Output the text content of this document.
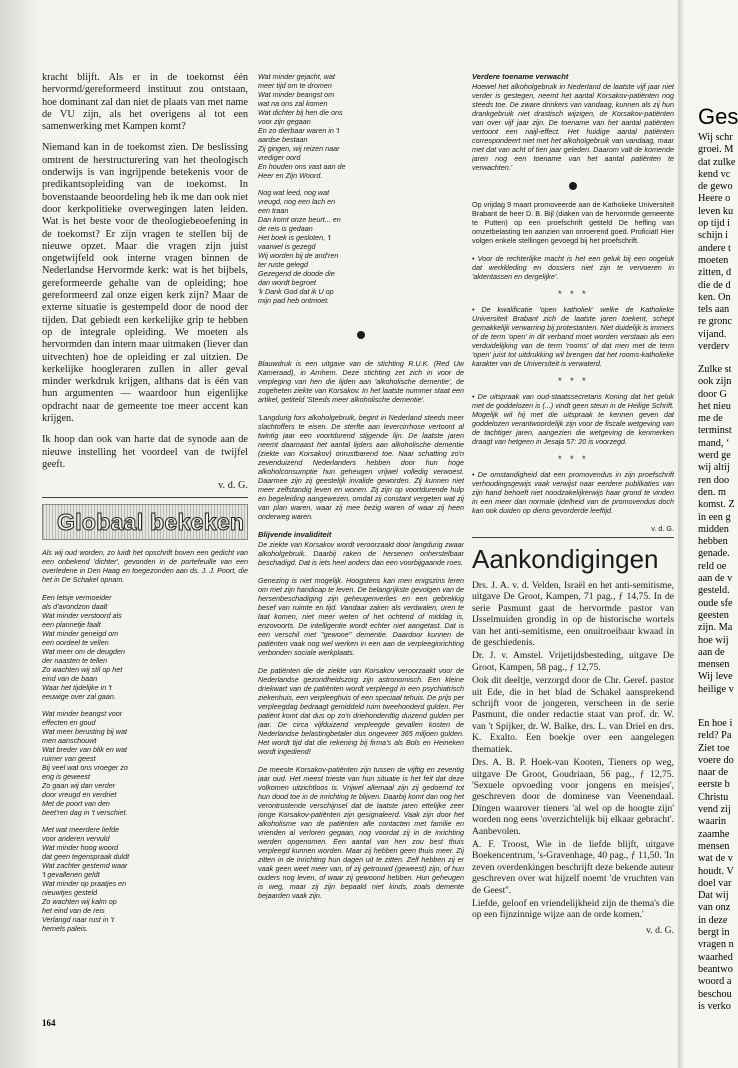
kracht blijft. Als er in de toekomst één hervormd/gereformeerd instituut zou ontstaan, hoe dominant zal dan niet de plaats van met name de VU zijn, als het overigens al tot een samenwerking met Kampen komt?

Niemand kan in de toekomst zien. De beslissing omtrent de herstructurering van het theologisch onderwijs is van ingrijpende betekenis voor de predikantsopleiding van de toekomst. In bovenstaande beoordeling heb ik me dan ook niet door kerkpolitieke overwegingen laten leiden. Wat is het beste voor de theologiebeoefening in de toekomst? Er zijn vragen te stellen bij de nieuwe opzet. Maar die vragen zijn juist ongetwijfeld ook interne vragen binnen de Nederlandse Hervormde kerk: wat is het bijbels, gereformeerde gehalte van de opleiding; hoe gereformeerd zal onze eigen kerk zijn? Maar de externe situatie is gestempeld door de nood der tijden. Dat gebiedt een kerkelijke grip te hebben op de integrale opleiding. We moeten als hervormden dan intern maar uitmaken (liever dan uitvechten) hoe de opleiding er zal uitzien. De kerkelijke hoogleraren zullen in aller geval minder werkdruk krijgen, althans dat is één van hun argumenten — waardoor hun eigenlijke opdracht naar de gemeente toe meer accent kan krijgen.

Ik hoop dan ook van harte dat de synode aan de nieuwe instelling het voordeel van de twijfel geeft.

v. d. G.

Globaal bekeken

Als wij oud worden, zo luidt het opschrift boven een gedicht van een onbekend 'dichter', gevonden in de portefeuille van een overledene in Den Haag en toegezonden aan ds. J. J. Poort, die het in De Schakel opnam.

Een letsje vermoeider
als d'avondzon daalt
Wat minder verstoord als
een plannetje faalt
Wat minder geneigd om
een oordeel te vellen
Wat meer om de deugden
der naasten te tellen
Zo wachten wij stil op het
eind van de baan
Waar het tijdelijke in 't
eeuwige over zal gaan.

Wat minder beangst voor
effecten en goud
Wat meer berusting bij wat
men aanschouwt
Wat breder van blik en wat
ruimer van geest
Bij veel wat ons vroeger zo
eng is geweest
Zo gaan wij dan verder
door vreugd en verdriet
Met de poort van den
beet'ren dag in 't verschiet.

Met wat meerdere liefde
voor anderen vervuld
Wat minder hoog woord
dat geen tegenspraak duldt
Wat zachter gestemd waar
't gevallenen geldt
Wat minder op praatjes en
nieuwtjes gesteld
Zo wachten wij kalm op
het eind van de reis
Verlangd naar rust in 't
hemels paleis.

Wat minder gejacht, wat
meer tijd om te dromen
Wat minder beangst om
wat na ons zal komen
Wat dichter bij hen die ons
voor zijn gegaan
En zo dierbaar waren in 't
aardse bestaan
Zij gingen, wij reizen naar
vrediger oord
En houden ons vast aan de
Heer en Zijn Woord.

Nog wat leed, nog wat
vreugd, nog een lach en
een traan
Dan komt onze beurt... en
de reis is gedaan
Het boek is gesloten, 't
vaarwel is gezegd
Wij worden bij de and'ren
ter ruste gelegd
Gezegend de doode die
dan wordt begroet
'k Dank God dat ik U op
mijn pad heb ontmoet.

Blauwdruk is een uitgave van de stichting R.U.K. (Red Uw Kameraad), in Arnhem. Deze stichting zet zich in voor de verpleging van hen die lijden aan 'alkoholische dementie', de zogeheten ziekte van Korsakov. In het laatste nummer staat een artikel, getiteld 'Steeds meer alkoholische dementie'.

'Langdurig fors alkoholgebruik, begint in Nederland steeds meer slachtoffers te eisen. De sterfte aan levercirrhose vertoont al twintig jaar een voortdurend stijgende lijn. De laatste jaren neemt daarnaast het aantal lijders aan alkoholische dementie (ziekte van Korsakov) onrustbarend toe. Naar schatting zo'n zevenduizend Nederlanders hebben door hun hoge alkoholconsumptie hun geheugen vrijwel volledig verwoest. Daarmee zijn zij geestelijk invalide geworden. Zij kunnen niet meer zelfstandig leven en wonen. Zij zijn op voortdurende hulp en begeleiding aangewezen, omdat zij constant vergeten wat zij van plan waren, waar zij mee bezig waren of waar zij heen onderweg waren.

Blijvende invaliditeit

De ziekte van Korsakov wordt veroorzaakt door langdurig zwaar alkoholgebruik. Daarbij raken de hersenen onherstelbaar beschadigd. Dat is iets heel anders dan een voorbijgaande roes.

Genezing is niet mogelijk. Hoogstens kan men enigszins leren om met zijn handicap te leven. De belangrijkste gevolgen van de hersenbeschadiging zijn geheugenverlies en een gebrekkig besef van ruimte en tijd. Vandaar zaken als verdwalen, uren te laat komen, niet meer weten of het ochtend of middag is, enzovoorts. De intelligentie wordt echter niet aangetast. Dat is een verschil met "gewone" dementie. Daardoor kunnen de patiënten vaak nog wel werken in een aan de verpleeginrichting verbonden sociale werkplaats.

De patiënten die de ziekte van Korsakov veroorzaakt voor de Nederlandse gezondheidszorg zijn astronomisch. Een kleine driekwart van de patiënten wordt verpleegd in een psychiatrisch ziekenhuis, een verpleeghuis of een speciaal tehuis. De prijs per verpleegdag bedraagt gemiddeld ruim tweehonderd gulden. Per patiënt komt dat dus op zo'n driehonderdtig duizend gulden per jaar. De circa vijfduizend verpleegde gevallen kosten de Nederlandse belastingbetaler dus ongeveer 365 miljoen gulden. Het wordt tijd dat die rekening bij firma's als Bols en Heineken wordt ingediend!

De meeste Korsakov-patiënten zijn tussen de vijftig en zeventig jaar oud. Het meest trieste van hun situatie is het feit dat deze volkomen uitzichtloos is. Vrijwel allemaal zijn zij gedoemd tot hun dood toe in de inrichting te blijven. Daarbij komt dan nog het verontrustende verschijnsel dat de laatste jaren ettelijke zeer jonge Korsakov-patiënten zijn gesignaleerd. Vaak zijn door het alkoholisme van de patiënten alle contacten met familie en vrienden al verloren gegaan, nog voordat zij in de inrichting werden opgenomen. Een aantal van hen zou best thuis verpleegd kunnen worden. Maar zij hebben geen thuis meer. Zij zitten in de inrichting hun dagen uit te zitten. Zelf hebben zij er vaak geen weet meer van, of zij getrouwd (geweest) zijn, of hun ouders nog leven, of waar zij gewoond hebben. Hun geheugen is weg, maar zij zijn bepaald niet kinds, zoals demente bejaarden vaak zijn.

Verdere toename verwacht

Hoewel het alkoholgebruik in Nederland de laatste vijf jaar niet verder is gestegen, neemt het aantal Korsakov-patiënten nog steeds toe. De zware drinkers van vandaag, kunnen als zij hun drankgebruik niet drastisch wijzigen, de Korsakov-patiënten van over vijf jaar zijn. De toename van het aantal patiënten vertoont een naijl-effect. Het huidige aantal patiënten correspondeert niet met het alkoholgebruik van vandaag, maar met dat van acht of tien jaar geleden. Daarom valt de komende jaren nog een toename van het aantal patiënten te verwachten.'

Op vrijdag 9 maart promoveerde aan de Katholieke Universiteit Brabant de heer D. B. Bijl (diaken van de hervormde gemeente te Putten) op een proefschrift getiteld De heffing van omzetbelasting ten aanzien van onroerend goed. Proficiat! Hier volgen enkele stellingen gevoegd bij het proefschrift.

• Voor de rechterlijke macht is het een geluk bij een ongeluk dat werkkleding en dossiers niet zijn te vervoeren in 'aktentassen en dergelijke'.

* * *

• De kwalificatie 'open katholiek' welke de Katholieke Universiteit Brabant zich de laatste jaren toekent, schept gemakkelijk verwarring bij protestanten. Niet duidelijk is immers of de term 'open' in dit verband moet worden verstaan als een verduidelijking van de term 'rooms' of dat men met de term 'open' juist tot uitdrukking wil brengen dat het rooms-katholieke karakter van de Universiteit is verwaterd.

* * *

• De uitspraak van oud-staatssecretaris Koning dat het geluk met de goddelozen is (...) vindt geen steun in de Heilige Schrift. Mogelijk wil hij met die uitspraak te kennen geven dat goddelozen verantwoordelijk zijn voor de fiscale wetgeving van de tachtiger jaren, aangezien die wetgeving de kenmerken draagt van hetgeen in Jesaja 57: 20 is voorzegd.

* * *

• De omstandigheid dat een promovendus in zijn proefschrift verhoudingsgewijs vaak verwijst naar eerdere publikaties van zijn hand behoeft niet noodzakelijkerwijs haar grond te vinden in een meer dan normale ijdelheid van de promovendus doch kan ook duiden op diens gevorderde leeftijd.

v. d. G.

Aankondigingen

Drs. J. A. v. d. Velden, Israël en het anti-semitisme, uitgave De Groot, Kampen, 71 pag., ƒ 14,75. In de serie Pasmunt gaat de hervormde pastor van IJsselmuiden grondig in op de historische wortels van het anti-semitisme, een onuitroeibaar kwaad in de geschiedenis.

Dr. J. v. Amstel. Vrijetijdsbesteding, uitgave De Groot, Kampen, 58 pag., ƒ 12,75.

Ook dit deeltje, verzorgd door de Chr. Geref. pastor uit Ede, die in het blad de Schakel aansprekend schrijft voor de jongeren, verscheen in de serie Pasmunt, die onder redactie staat van prof. dr. W. van 't Spijker, dr. W. Balke, drs. L. van Driel en drs. K. Exalto. Een boekje over een aangelegen thematiek.

Drs. A. B. P. Hoek-van Kooten, Tieners op weg, uitgave De Groot, Goudriaan, 56 pag., ƒ 12,75. 'Sexuele opvoeding voor jongens en meisjes', geschreven door de dominese van Veenendaal. Dingen waarover tieners 'al wel op de hoogte zijn' worden nog eens 'overzichtelijk bij elkaar gebracht'. Aanbevolen.

A. F. Troost, Wie in de liefde blijft, uitgave Boekencentrum, 's-Gravenhage, 40 pag., ƒ 11,50. 'In zeven overdenkingen beschrijft deze bekende auteur geschreven over wat hijzelf noemt 'de vruchten van de Geest''.

Liefde, geloof en vriendelijkheid zijn de thema's die op een fijnzinnige wijze aan de orde komen.'

v. d. G.

164
Ges
Wij schr
groei. M
dat zulke
kend vc
de gewo
Heere o
leven ku
op tijd i
schijn i
andere t
moeten
zitten, d
die de d
ken. On
tels aan
re gronc
vijand.
verderv
Zulke st
ook zijn
door G
het nieu
me de
terminst
mand, ‘
werd ge
wij altij
ren doo
den. m
komst. Z
in een g
midden
hebben
genade.
reld oe
aan de v
gesteld.
oude sfe
geesten
zijn. Ma
hoe wij
aan de
mensen
Wij leve
heilige v
En hoe i
reld? Pa
Ziet toe
voere do
naar de
eerste b
Christu
vend zij
waarin
zaamhe
mensen
wat de v
houdt. V
doel var
Dat wij
van onz
in deze
bergt in
vragen n
waarhed
beantwo
woord a
beschou
is verko
